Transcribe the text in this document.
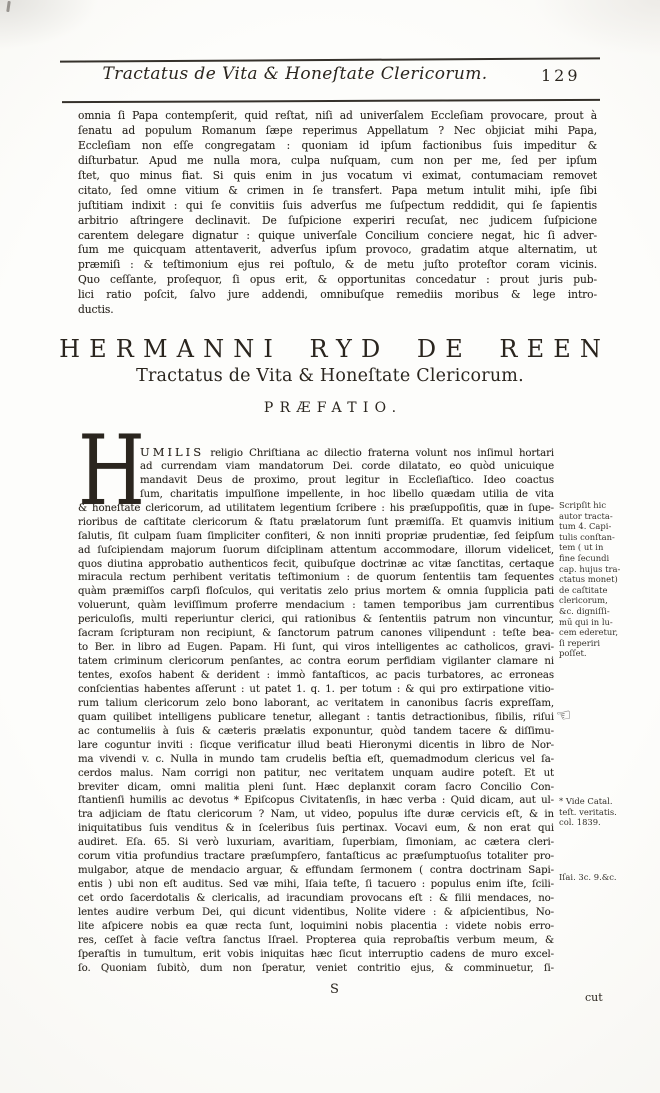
Tractatus de Vita & Honeſtate Clericorum.	129
omnia ſi Papa contempſerit, quid reſtat, niſi ad univerſalem Eccleſiam provocare, prout à
ſenatu ad populum Romanum ſæpe reperimus Appellatum ? Nec objiciat mihi Papa,
Eccleſiam non eſſe congregatam : quoniam id ipſum factionibus ſuis impeditur &
diſturbatur. Apud me nulla mora, culpa nuſquam, cum non per me, ſed per ipſum
ſtet, quo minus fiat. Si quis enim in jus vocatum vi eximat, contumaciam removet
citato, ſed omne vitium & crimen in ſe transfert. Papa metum intulit mihi, ipſe ſibi
juſtitiam indixit : qui ſe convitiis ſuis adverſus me ſuſpectum reddidit, qui ſe ſapientis
arbitrio aſtringere declinavit. De ſuſpicione experiri recuſat, nec judicem ſuſpicione
carentem delegare dignatur : quique univerſale Concilium conciere negat, hic ſi adver-
ſum me quicquam attentaverit, adverſus ipſum provoco, gradatim atque alternatim, ut
præmiſi : & teſtimonium ejus rei poſtulo, & de metu juſto proteſtor coram vicinis.
Quo ceſſante, proſequor, ſi opus erit, & opportunitas concedatur : prout juris pub-
lici ratio poſcit, ſalvo jure addendi, omnibuſque remediis moribus & lege intro-
ductis.
HERMANNI RYD DE REEN
Tractatus de Vita & Honeſtate Clericorum.
PRÆFATIO.
H
UMILIS religio Chriſtiana ac dilectio fraterna volunt nos inſimul hortari
ad currendam viam mandatorum Dei. corde dilatato, eo quòd unicuique
mandavit Deus de proximo, prout legitur in Eccleſiaſtico. Ideo coactus
ſum, charitatis impulſione impellente, in hoc libello quædam utilia de vita
& honeſtate clericorum, ad utilitatem legentium ſcribere : his præſuppoſitis, quæ in ſupe-
rioribus de caſtitate clericorum & ſtatu prælatorum ſunt præmiſſa. Et quamvis initium
ſalutis, ſit culpam ſuam ſimpliciter confiteri, & non inniti propriæ prudentiæ, ſed ſeipſum
ad ſuſcipiendam majorum ſuorum diſciplinam attentum accommodare, illorum videlicet,
quos diutina approbatio authenticos fecit, quibuſque doctrinæ ac vitæ ſanctitas, certaque
miracula rectum perhibent veritatis teſtimonium : de quorum ſententiis tam ſequentes
quàm præmiſſos carpſi floſculos, qui veritatis zelo prius mortem & omnia ſupplicia pati
voluerunt, quàm leviſſimum proferre mendacium : tamen temporibus jam currentibus
periculoſis, multi reperiuntur clerici, qui rationibus & ſententiis patrum non vincuntur,
ſacram ſcripturam non recipiunt, & ſanctorum patrum canones vilipendunt : teſte bea-
to Ber. in libro ad Eugen. Papam. Hi ſunt, qui viros intelligentes ac catholicos, gravi-
tatem criminum clericorum penſantes, ac contra eorum perfidiam vigilanter clamare ni
tentes, exoſos habent & derident : immò fantaſticos, ac pacis turbatores, ac erroneas
conſcientias habentes aſſerunt : ut patet 1. q. 1. per totum : & qui pro extirpatione vitio-
rum talium clericorum zelo bono laborant, ac veritatem in canonibus ſacris expreſſam,
quam quilibet intelligens publicare tenetur, allegant : tantis detractionibus, ſibilis, riſui
ac contumeliis à ſuis & cæteris prælatis exponuntur, quòd tandem tacere & diſſimu-
lare coguntur inviti : ſicque verificatur illud beati Hieronymi dicentis in libro de Nor-
ma vivendi v. c. Nulla in mundo tam crudelis beſtia eſt, quemadmodum clericus vel ſa-
cerdos malus. Nam corrigi non patitur, nec veritatem unquam audire poteſt. Et ut
breviter dicam, omni malitia pleni ſunt. Hæc deplanxit coram ſacro Concilio Con-
ſtantienſi humilis ac devotus * Epiſcopus Civitatenſis, in hæc verba : Quid dicam, aut ul-
tra adjiciam de ſtatu clericorum ? Nam, ut video, populus iſte duræ cervicis eſt, & in
iniquitatibus ſuis venditus & in ſceleribus ſuis pertinax. Vocavi eum, & non erat qui
audiret. Eſa. 65. Si verò luxuriam, avaritiam, ſuperbiam, ſimoniam, ac cætera cleri-
corum vitia profundius tractare præſumpſero, fantaſticus ac præſumptuoſus totaliter pro-
mulgabor, atque de mendacio arguar, & effundam ſermonem ( contra doctrinam Sapi-
entis ) ubi non eſt auditus. Sed væ mihi, Iſaia teſte, ſi tacuero : populus enim iſte, ſcili-
cet ordo ſacerdotalis & clericalis, ad iracundiam provocans eſt : & filii mendaces, no-
lentes audire verbum Dei, qui dicunt videntibus, Nolite videre : & aſpicientibus, No-
lite aſpicere nobis ea quæ recta ſunt, loquimini nobis placentia : videte nobis erro-
res, ceſſet à facie veſtra ſanctus Iſrael. Propterea quia reprobaſtis verbum meum, &
ſperaſtis in tumultum, erit vobis iniquitas hæc ſicut interruptio cadens de muro excel-
ſo. Quoniam ſubitò, dum non ſperatur, veniet contritio ejus, & comminuetur, ſi-
Scripſit hic
autor tracta-
tum 4. Capi-
tulis conſtan-
tem ( ut in
fine ſecundi
cap. hujus tra-
ctatus monet)
de caſtitate
clericorum,
&c. digniſſi-
mū qui in lu-
cem ederetur,
ſi reperiri
poſſet.
☜
* Vide Catal.
teſt. veritatis.
col. 1839.
Iſai. 3c. 9.&c.
S
cut
